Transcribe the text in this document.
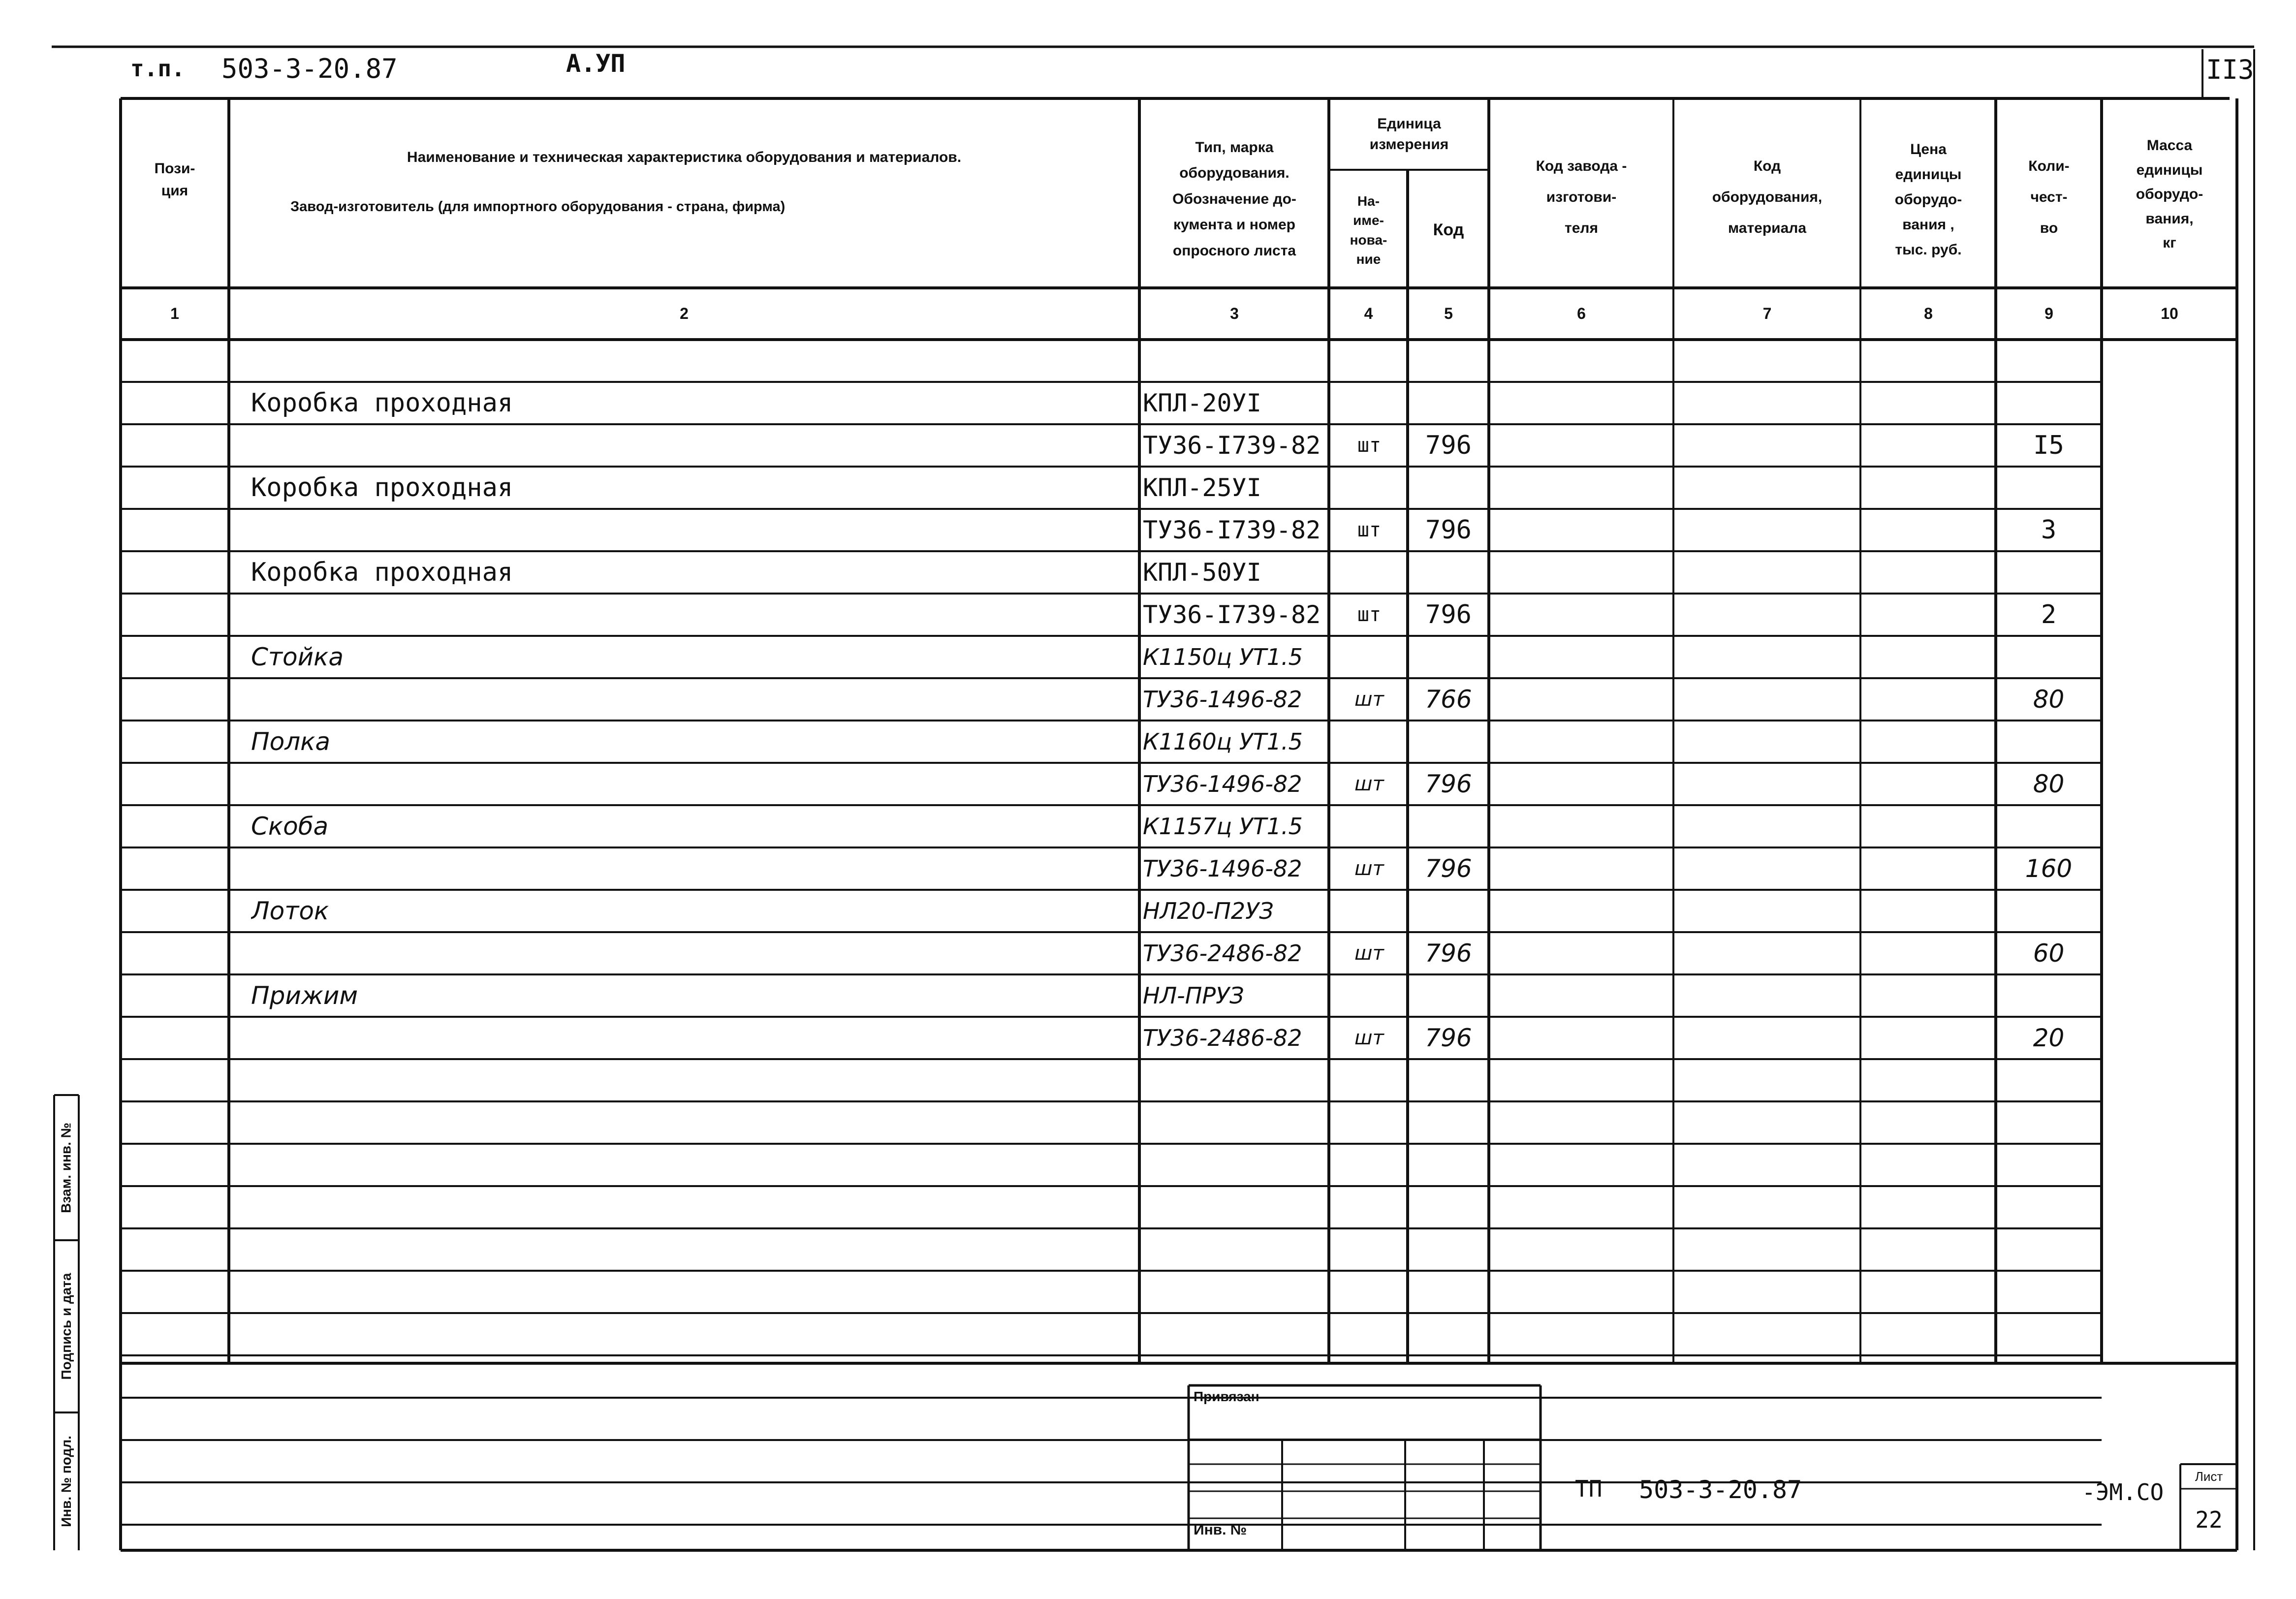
т.п. 503-3-20.87	А.УП	II3
Пози-
ция
Наименование и техническая характеристика оборудования и материалов.
Завод-изготовитель (для импортного оборудования - страна, фирма)
Тип, марка
оборудования.
Обозначение до-
кумента и номер
опросного листа
Единица
измерения
На-
име-
нова-
ние
Код
Код завода -
изготови-
теля
Код
оборудования,
материала
Цена
единицы
оборудо-
вания ,
тыс. руб.
Коли-
чест-
во
Масса
единицы
оборудо-
вания,
кг
1	2	3	4	5	6	7	8	9	10
Коробка проходная	КПЛ-20УI
ТУ36-I739-82	шт	796	I5
Коробка проходная	КПЛ-25УI
ТУ36-I739-82	шт	796	3
Коробка проходная	КПЛ-50УI
ТУ36-I739-82	шт	796	2
Стойка	К1150ц УТ1.5
ТУ36-1496-82	шт	766	80
Полка	К1160ц УТ1.5
ТУ36-1496-82	шт	796	80
Скоба	К1157ц УТ1.5
ТУ36-1496-82	шт	796	160
Лоток	НЛ20-П2УЗ
ТУ36-2486-82	шт	796	60
Прижим	НЛ-ПРУЗ
ТУ36-2486-82	шт	796	20
Взам. инв. №
Подпись и дата
Инв. № подл.
Привязан
Инв. №
ТП 503-3-20.87	-ЭМ.СО
Лист
22
